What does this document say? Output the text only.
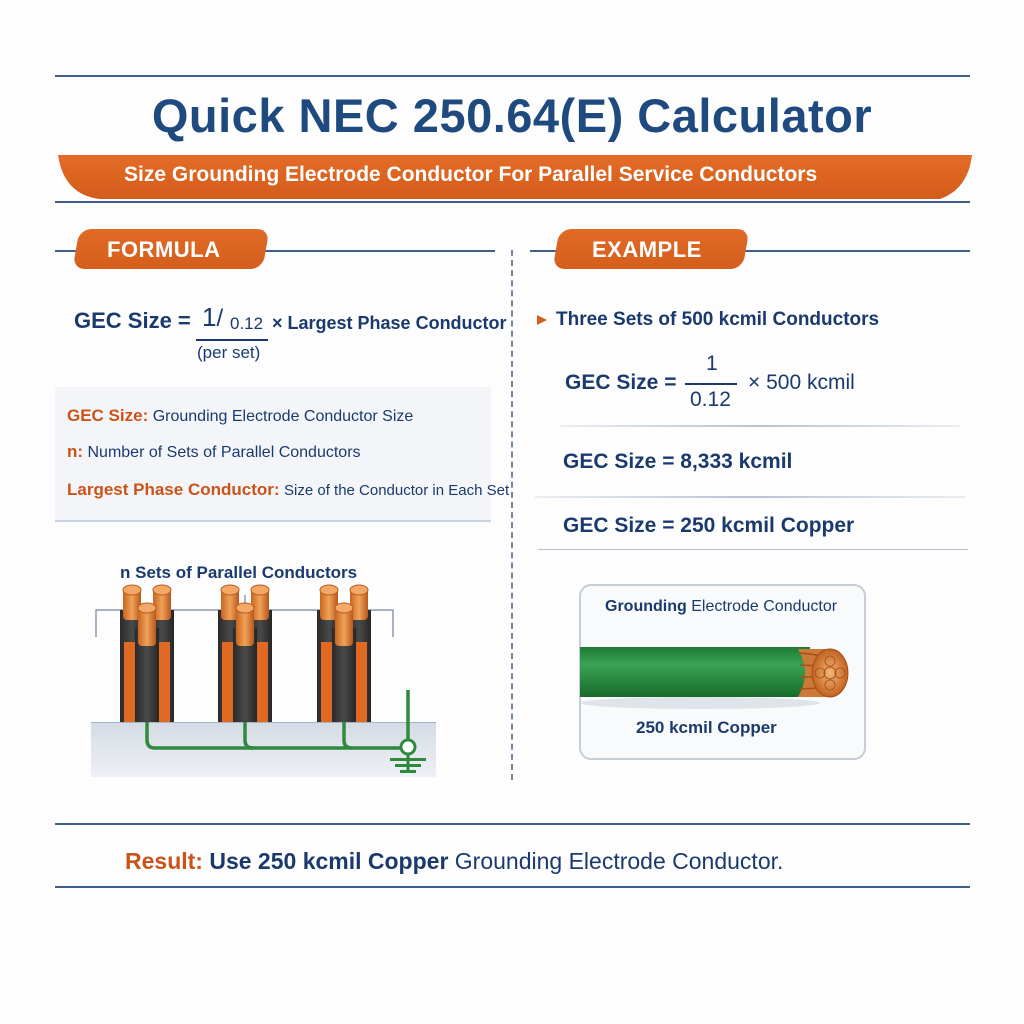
Quick NEC 250.64(E) Calculator
Size Grounding Electrode Conductor For Parallel Service Conductors
FORMULA	EXAMPLE
GEC Size = 1/ 0.12 × Largest Phase Conductor
(per set)
GEC Size: Grounding Electrode Conductor Size
n: Number of Sets of Parallel Conductors
Largest Phase Conductor: Size of the Conductor in Each Set
n Sets of Parallel Conductors
Three Sets of 500 kcmil Conductors
GEC Size =
1
0.12
× 500 kcmil
GEC Size = 8,333 kcmil
GEC Size = 250 kcmil Copper
Grounding Electrode Conductor
250 kcmil Copper
Result: Use 250 kcmil Copper Grounding Electrode Conductor.
